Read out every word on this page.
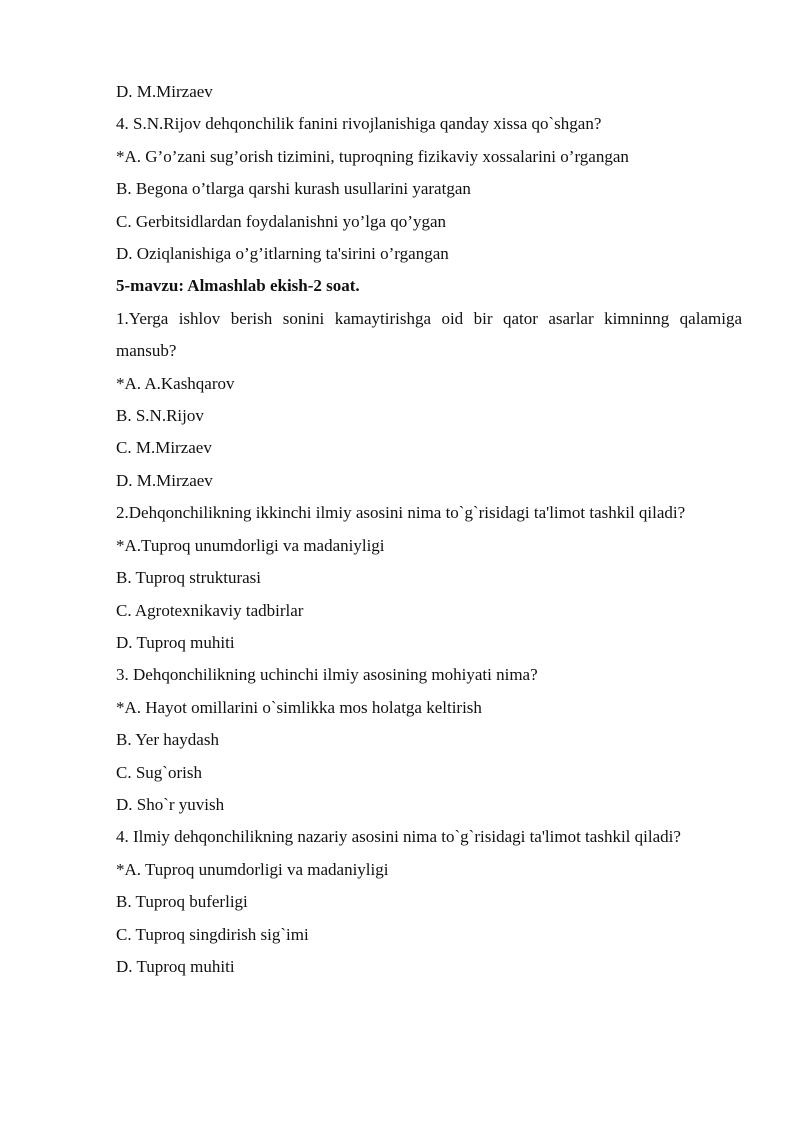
D. M.Mirzaev

4. S.N.Rijov dehqonchilik fanini rivojlanishiga qanday xissa qo`shgan?

*A. G’o’zani sug’orish tizimini, tuproqning fizikaviy xossalarini o’rgangan

B. Begona o’tlarga qarshi kurash usullarini yaratgan

C. Gerbitsidlardan foydalanishni yo’lga qo’ygan

D. Oziqlanishiga o’g’itlarning ta'sirini o’rgangan

5-mavzu: Almashlab ekish-2 soat.

1.Yerga ishlov berish sonini kamaytirishga oid bir qator asarlar kimninng qalamiga mansub?

*A. A.Kashqarov

B. S.N.Rijov

C. M.Mirzaev

D. M.Mirzaev

2.Dehqonchilikning ikkinchi ilmiy asosini nima to`g`risidagi ta'limot tashkil qiladi?

*A.Tuproq unumdorligi va madaniyligi

B. Tuproq strukturasi

C. Agrotexnikaviy tadbirlar

D. Tuproq muhiti

3. Dehqonchilikning uchinchi ilmiy asosining mohiyati nima?

*A. Hayot omillarini o`simlikka mos holatga keltirish

B. Yer haydash

C. Sug`orish

D. Sho`r yuvish

4. Ilmiy dehqonchilikning nazariy asosini nima to`g`risidagi ta'limot tashkil qiladi?

*A. Tuproq unumdorligi va madaniyligi

B. Tuproq buferligi

C. Tuproq singdirish sig`imi

D. Tuproq muhiti
